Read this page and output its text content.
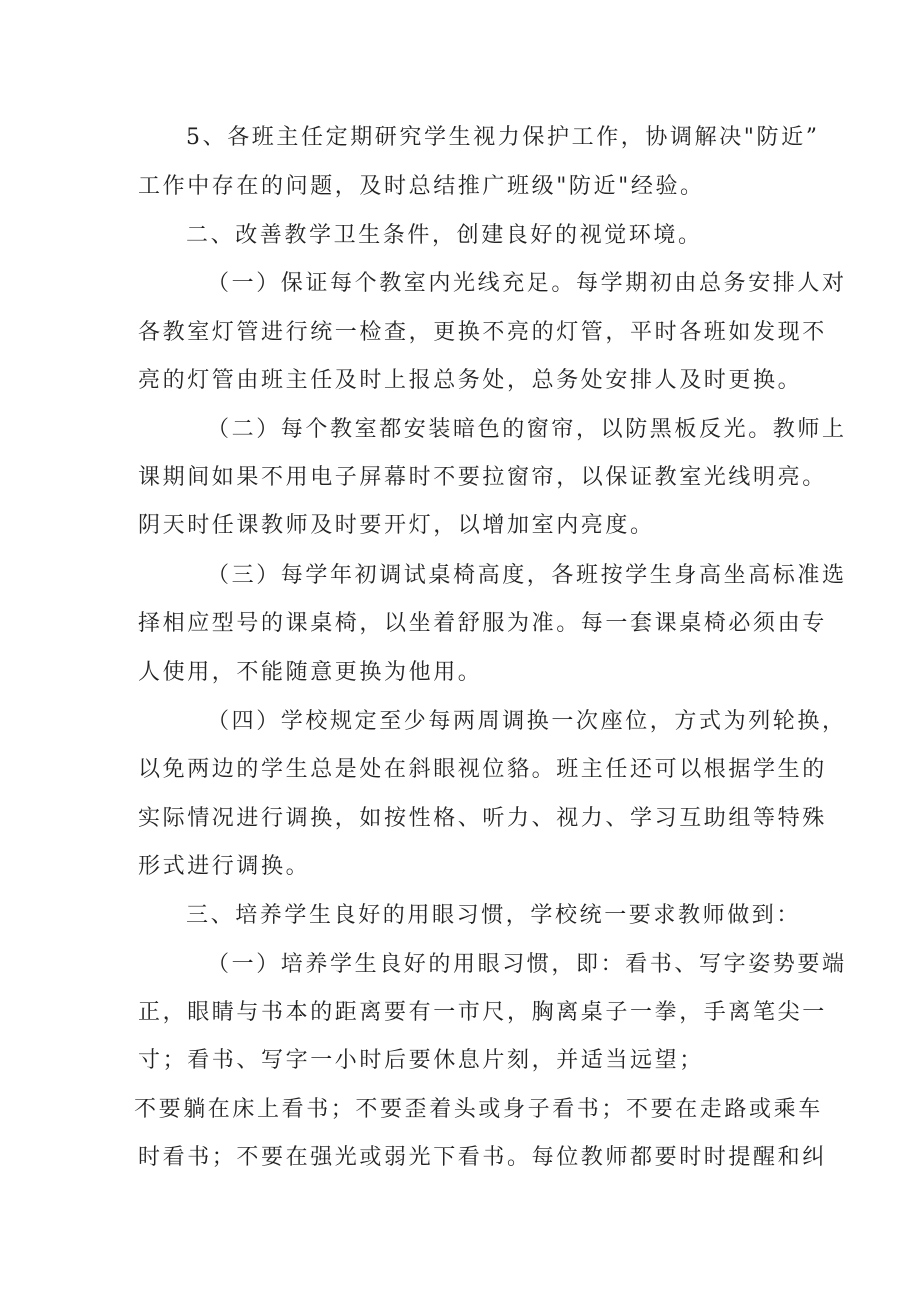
5、各班主任定期研究学生视力保护工作，协调解决"防近”
工作中存在的问题，及时总结推广班级"防近"经验。
二、改善教学卫生条件，创建良好的视觉环境。
（一）保证每个教室内光线充足。每学期初由总务安排人对
各教室灯管进行统一检查，更换不亮的灯管，平时各班如发现不
亮的灯管由班主任及时上报总务处，总务处安排人及时更换。
（二）每个教室都安装暗色的窗帘，以防黑板反光。教师上
课期间如果不用电子屏幕时不要拉窗帘，以保证教室光线明亮。
阴天时任课教师及时要开灯，以增加室内亮度。
（三）每学年初调试桌椅高度，各班按学生身高坐高标准选
择相应型号的课桌椅，以坐着舒服为准。每一套课桌椅必须由专
人使用，不能随意更换为他用。
（四）学校规定至少每两周调换一次座位，方式为列轮换，
以免两边的学生总是处在斜眼视位貉。班主任还可以根据学生的
实际情况进行调换，如按性格、听力、视力、学习互助组等特殊
形式进行调换。
三、培养学生良好的用眼习惯，学校统一要求教师做到：
（一）培养学生良好的用眼习惯，即：看书、写字姿势要端
正，眼睛与书本的距离要有一市尺，胸离桌子一拳，手离笔尖一
寸；看书、写字一小时后要休息片刻，并适当远望；
不要躺在床上看书；不要歪着头或身子看书；不要在走路或乘车
时看书；不要在强光或弱光下看书。每位教师都要时时提醒和纠
